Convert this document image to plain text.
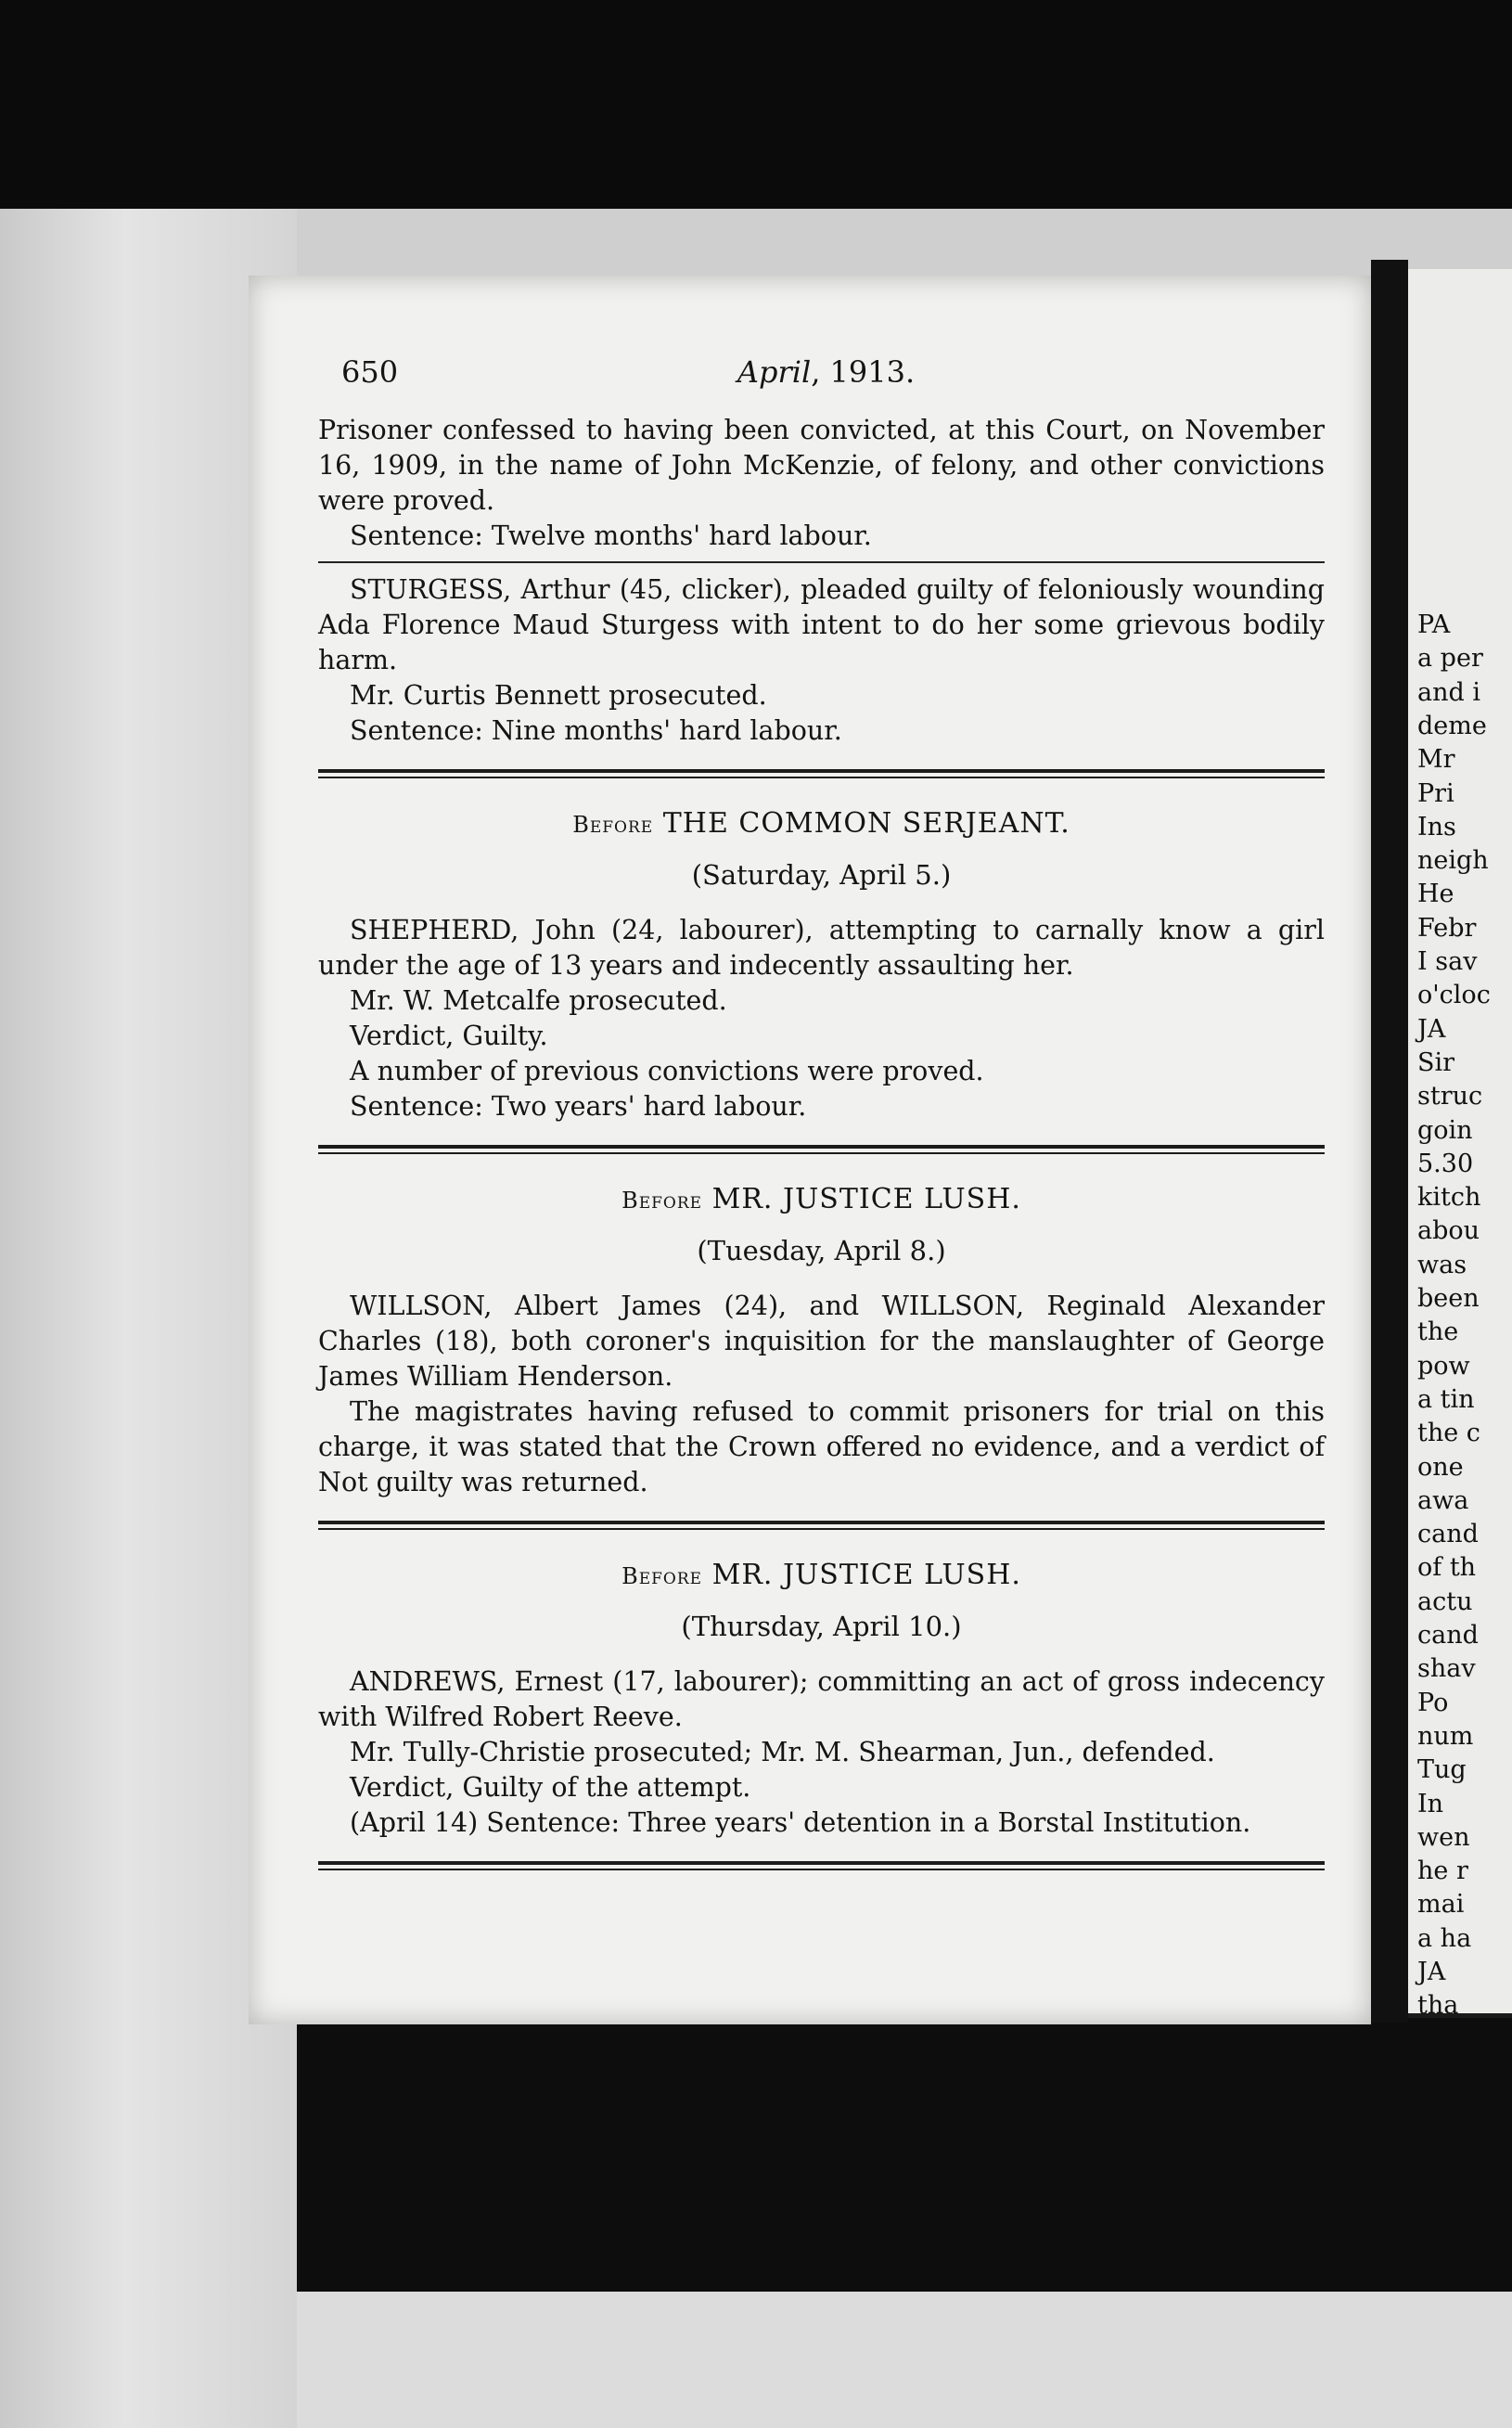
PA
a per
and i
deme
Mr
Pri
Ins
neigh
He
Febr
I sav
o'cloc
JA
Sir
struc
goin
5.30
kitch
abou
was
been
the
pow
a tin
the c
one
awa
cand
of th
actu
cand
shav
Po
num
Tug
In
wen
he r
mai
a ha
JA
tha
650	April, 1913.

Prisoner confessed to having been convicted, at this Court, on November 16, 1909, in the name of John McKenzie, of felony, and other convictions were proved.

Sentence: Twelve months' hard labour.

STURGESS, Arthur (45, clicker), pleaded guilty of feloniously wounding Ada Florence Maud Sturgess with intent to do her some grievous bodily harm.

Mr. Curtis Bennett prosecuted.

Sentence: Nine months' hard labour.

Before THE COMMON SERJEANT.
(Saturday, April 5.)

SHEPHERD, John (24, labourer), attempting to carnally know a girl under the age of 13 years and indecently assaulting her.

Mr. W. Metcalfe prosecuted.

Verdict, Guilty.

A number of previous convictions were proved.

Sentence: Two years' hard labour.

Before MR. JUSTICE LUSH.
(Tuesday, April 8.)

WILLSON, Albert James (24), and WILLSON, Reginald Alexander Charles (18), both coroner's inquisition for the manslaughter of George James William Henderson.

The magistrates having refused to commit prisoners for trial on this charge, it was stated that the Crown offered no evidence, and a verdict of Not guilty was returned.

Before MR. JUSTICE LUSH.
(Thursday, April 10.)

ANDREWS, Ernest (17, labourer); committing an act of gross indecency with Wilfred Robert Reeve.

Mr. Tully-Christie prosecuted; Mr. M. Shearman, Jun., defended.

Verdict, Guilty of the attempt.

(April 14) Sentence: Three years' detention in a Borstal Institution.
